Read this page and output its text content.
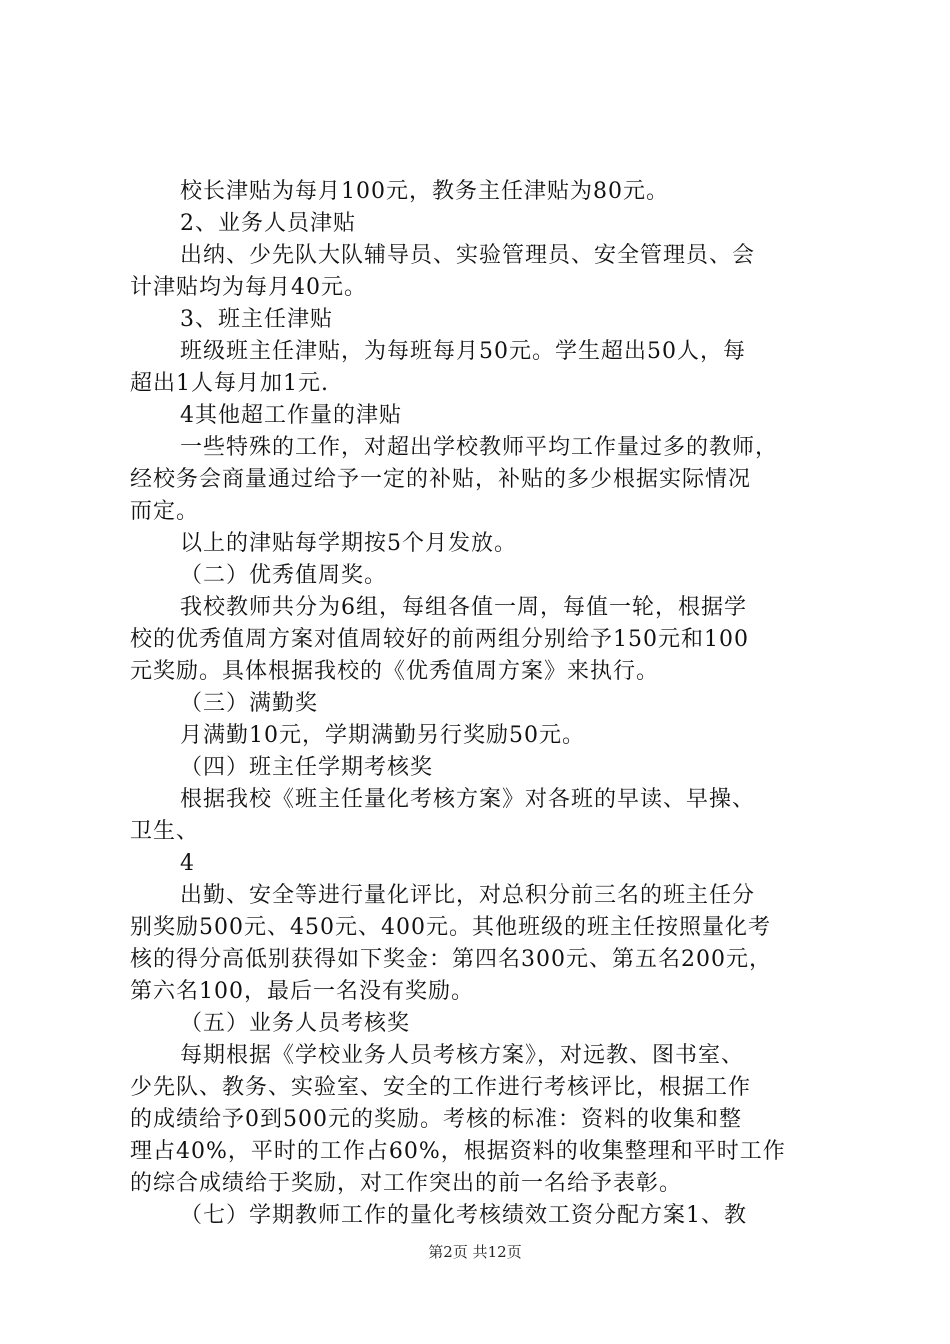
校长津贴为每月100元，教务主任津贴为80元。
2、业务人员津贴
出纳、少先队大队辅导员、实验管理员、安全管理员、会
计津贴均为每月40元。
3、班主任津贴
班级班主任津贴，为每班每月50元。学生超出50人，每
超出1人每月加1元.
4其他超工作量的津贴
一些特殊的工作，对超出学校教师平均工作量过多的教师，
经校务会商量通过给予一定的补贴，补贴的多少根据实际情况
而定。
以上的津贴每学期按5个月发放。
（二）优秀值周奖。
我校教师共分为6组，每组各值一周，每值一轮，根据学
校的优秀值周方案对值周较好的前两组分别给予150元和100
元奖励。具体根据我校的《优秀值周方案》来执行。
（三）满勤奖
月满勤10元，学期满勤另行奖励50元。
（四）班主任学期考核奖
根据我校《班主任量化考核方案》对各班的早读、早操、
卫生、
4
出勤、安全等进行量化评比，对总积分前三名的班主任分
别奖励500元、450元、400元。其他班级的班主任按照量化考
核的得分高低别获得如下奖金：第四名300元、第五名200元，
第六名100，最后一名没有奖励。
（五）业务人员考核奖
每期根据《学校业务人员考核方案》，对远教、图书室、
少先队、教务、实验室、安全的工作进行考核评比，根据工作
的成绩给予0到500元的奖励。考核的标准：资料的收集和整
理占40%，平时的工作占60%，根据资料的收集整理和平时工作
的综合成绩给于奖励，对工作突出的前一名给予表彰。
（七）学期教师工作的量化考核绩效工资分配方案1、教
第2页 共12页
